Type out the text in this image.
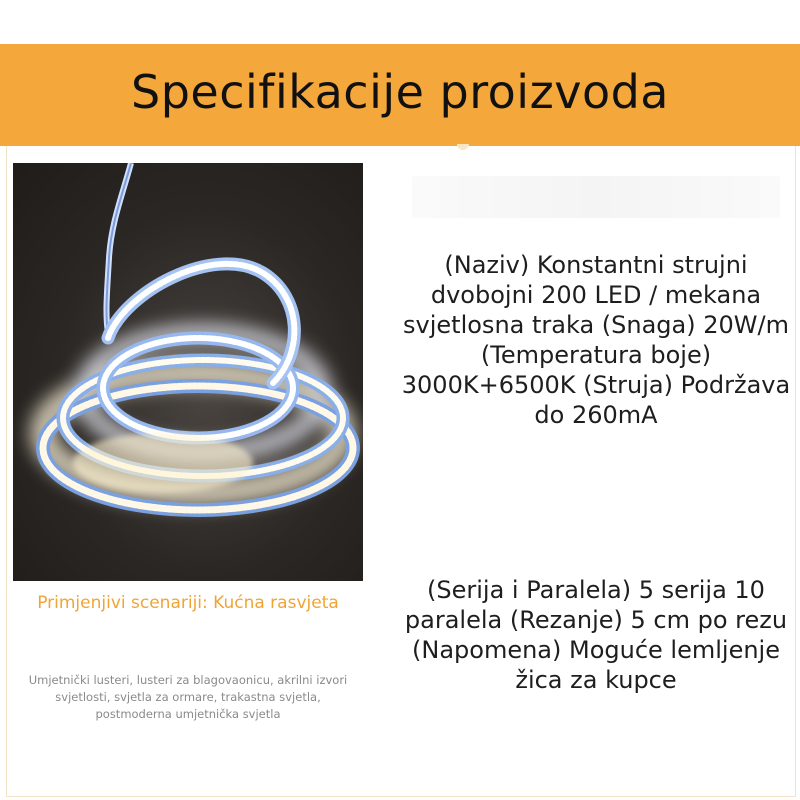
Specifikacije proizvoda
Primjenjivi scenariji: Kućna rasvjeta
Umjetnički lusteri, lusteri za blagovaonicu, akrilni izvori svjetlosti, svjetla za ormare, trakastna svjetla, postmoderna umjetnička svjetla
(Naziv) Konstantni strujni dvobojni 200 LED / mekana svjetlosna traka (Snaga) 20W/m (Temperatura boje) 3000K+6500K (Struja) Podržava do 260mA
(Serija i Paralela) 5 serija 10 paralela (Rezanje) 5 cm po rezu (Napomena) Moguće lemljenje žica za kupce
